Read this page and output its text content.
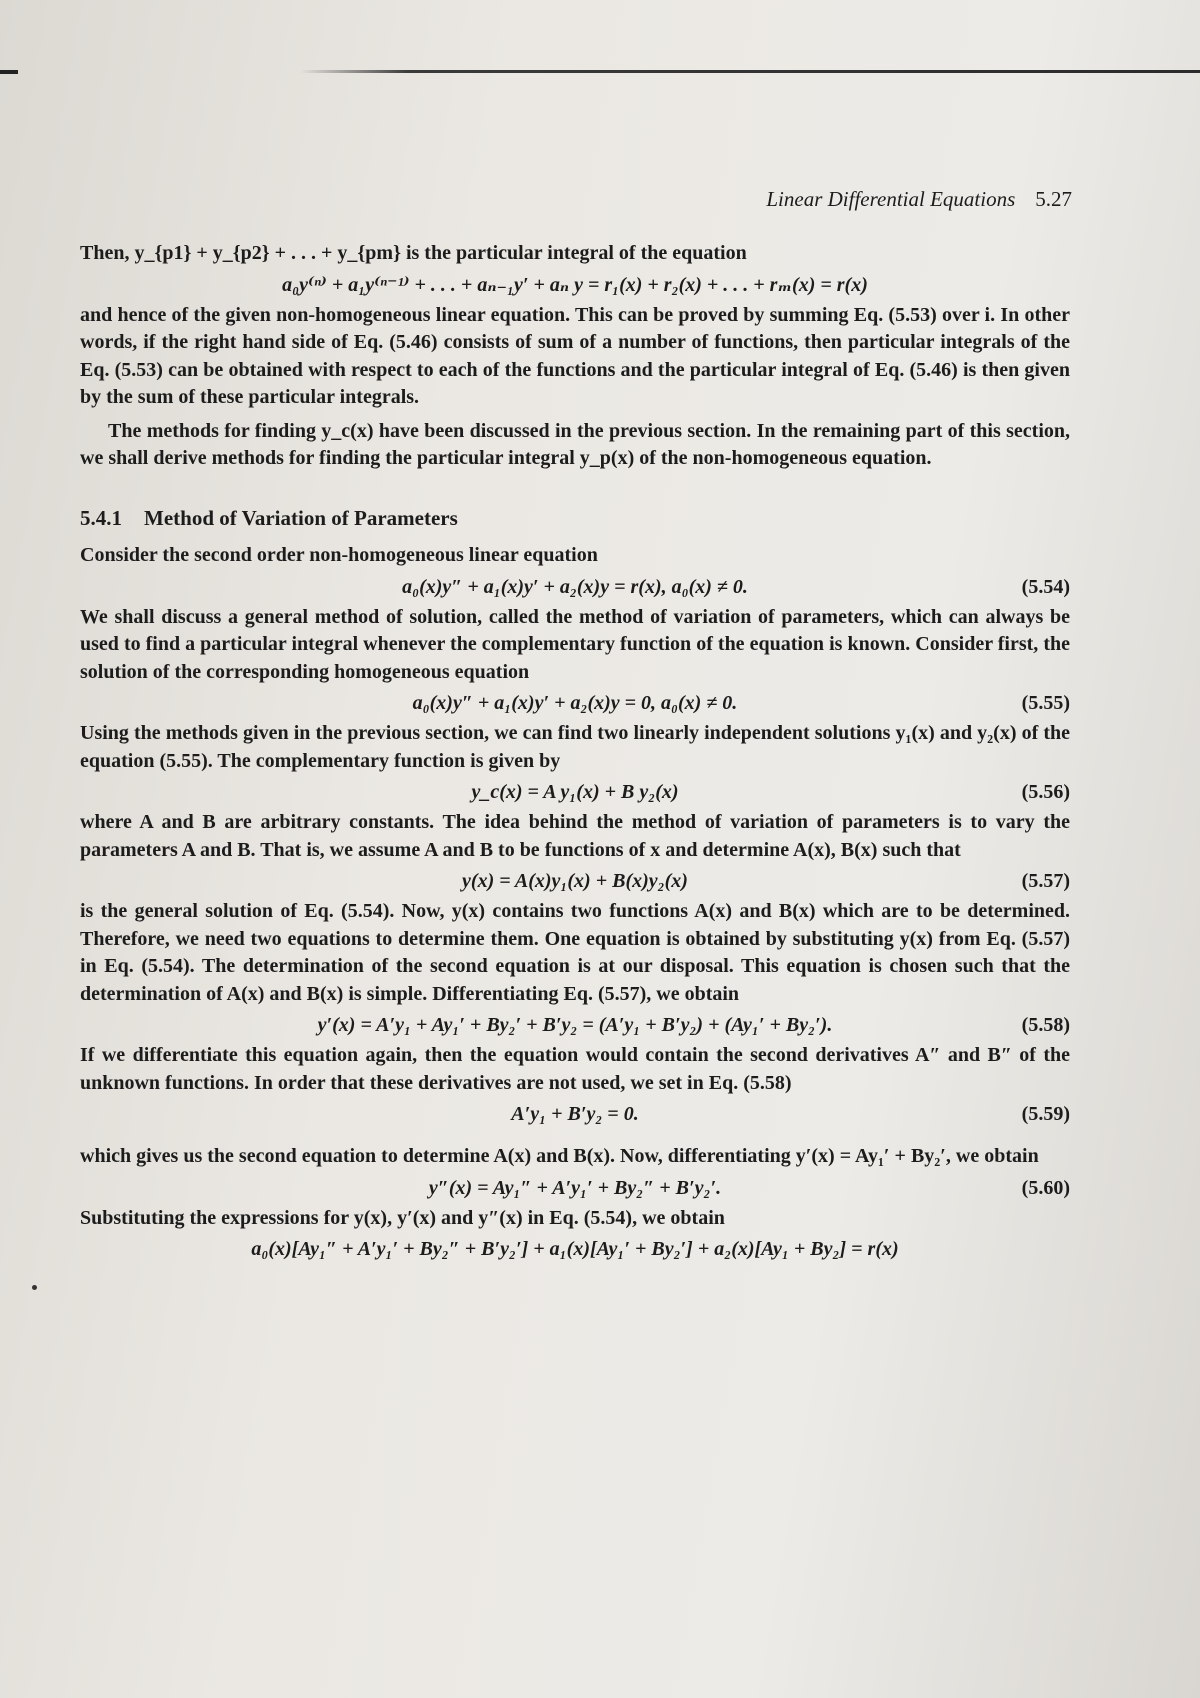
Linear Differential Equations 5.27

Then, y_{p1} + y_{p2} + . . . + y_{pm} is the particular integral of the equation

a₀y⁽ⁿ⁾ + a₁y⁽ⁿ⁻¹⁾ + . . . + aₙ₋₁y′ + aₙ y = r₁(x) + r₂(x) + . . . + rₘ(x) = r(x)

and hence of the given non-homogeneous linear equation. This can be proved by summing Eq. (5.53) over i. In other words, if the right hand side of Eq. (5.46) consists of sum of a number of functions, then particular integrals of the Eq. (5.53) can be obtained with respect to each of the functions and the particular integral of Eq. (5.46) is then given by the sum of these particular integrals.

The methods for finding y_c(x) have been discussed in the previous section. In the remaining part of this section, we shall derive methods for finding the particular integral y_p(x) of the non-homogeneous equation.

5.4.1 Method of Variation of Parameters

Consider the second order non-homogeneous linear equation

a₀(x)y″ + a₁(x)y′ + a₂(x)y = r(x), a₀(x) ≠ 0.	(5.54)

We shall discuss a general method of solution, called the method of variation of parameters, which can always be used to find a particular integral whenever the complementary function of the equation is known. Consider first, the solution of the corresponding homogeneous equation

a₀(x)y″ + a₁(x)y′ + a₂(x)y = 0, a₀(x) ≠ 0.	(5.55)

Using the methods given in the previous section, we can find two linearly independent solutions y₁(x) and y₂(x) of the equation (5.55). The complementary function is given by

y_c(x) = A y₁(x) + B y₂(x)	(5.56)

where A and B are arbitrary constants. The idea behind the method of variation of parameters is to vary the parameters A and B. That is, we assume A and B to be functions of x and determine A(x), B(x) such that

y(x) = A(x)y₁(x) + B(x)y₂(x)	(5.57)

is the general solution of Eq. (5.54). Now, y(x) contains two functions A(x) and B(x) which are to be determined. Therefore, we need two equations to determine them. One equation is obtained by substituting y(x) from Eq. (5.57) in Eq. (5.54). The determination of the second equation is at our disposal. This equation is chosen such that the determination of A(x) and B(x) is simple. Differentiating Eq. (5.57), we obtain

y′(x) = A′y₁ + Ay₁′ + By₂′ + B′y₂ = (A′y₁ + B′y₂) + (Ay₁′ + By₂′).	(5.58)

If we differentiate this equation again, then the equation would contain the second derivatives A″ and B″ of the unknown functions. In order that these derivatives are not used, we set in Eq. (5.58)

A′y₁ + B′y₂ = 0.	(5.59)

which gives us the second equation to determine A(x) and B(x). Now, differentiating y′(x) = Ay₁′ + By₂′, we obtain

y″(x) = Ay₁″ + A′y₁′ + By₂″ + B′y₂′.	(5.60)

Substituting the expressions for y(x), y′(x) and y″(x) in Eq. (5.54), we obtain

a₀(x)[Ay₁″ + A′y₁′ + By₂″ + B′y₂′] + a₁(x)[Ay₁′ + By₂′] + a₂(x)[Ay₁ + By₂] = r(x)
